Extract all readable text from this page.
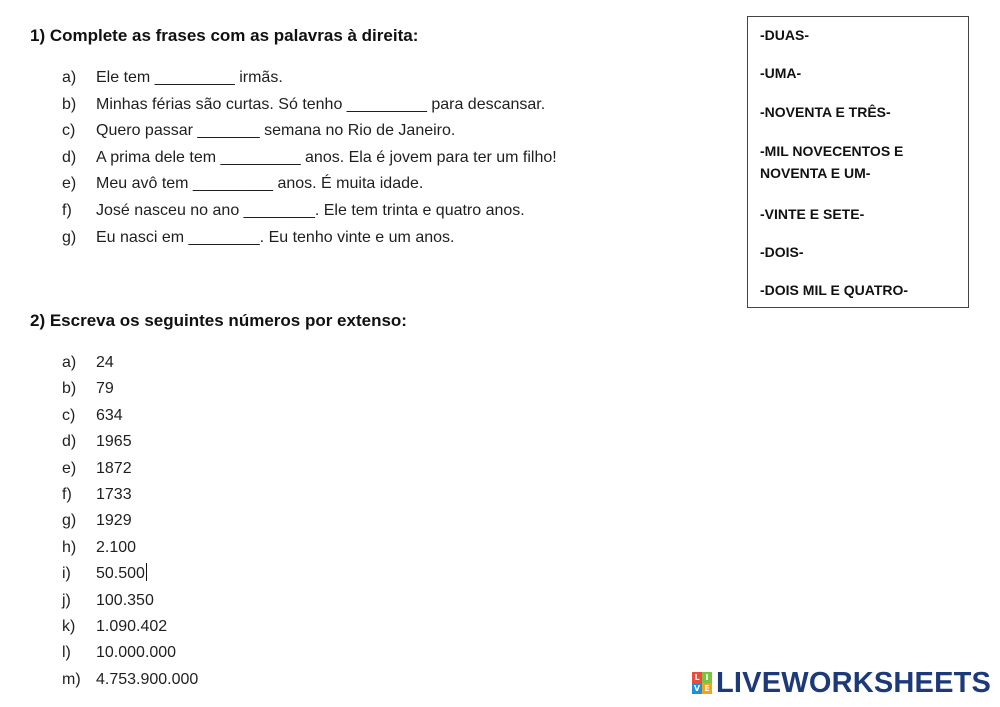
1) Complete as frases com as palavras à direita:
a)	Ele tem _________ irmãs.
b)	Minhas férias são curtas. Só tenho _________ para descansar.
c)	Quero passar _______ semana no Rio de Janeiro.
d)	A prima dele tem _________ anos. Ela é jovem para ter um filho!
e)	Meu avô tem _________ anos. É muita idade.
f)	José nasceu no ano ________. Ele tem trinta e quatro anos.
g)	Eu nasci em ________. Eu tenho vinte e um anos.
-DUAS-
-UMA-
-NOVENTA E TRÊS-
-MIL NOVECENTOS E NOVENTA E UM-
-VINTE E SETE-
-DOIS-
-DOIS MIL E QUATRO-
2) Escreva os seguintes números por extenso:
a)	24
b)	79
c)	634
d)	1965
e)	1872
f)	1733
g)	1929
h)	2.100
i)	50.500
j)	100.350
k)	1.090.402
l)	10.000.000
m) 4.753.900.000	L I
V E LIVEWORKSHEETS
